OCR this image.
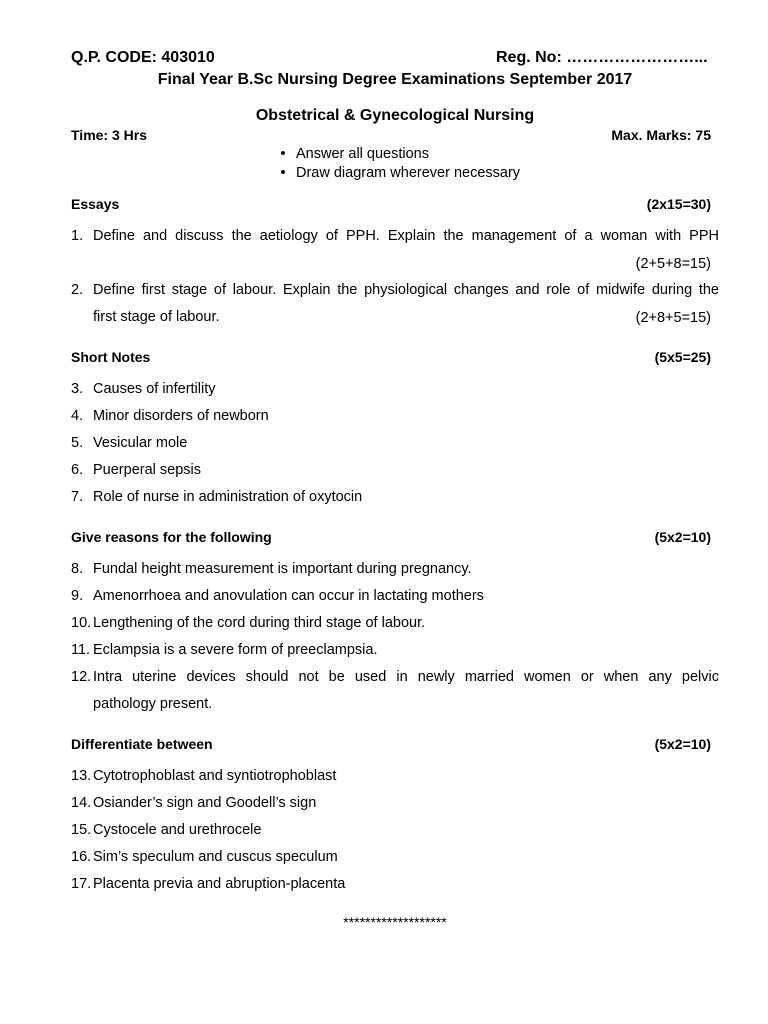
Q.P. CODE: 403010	Reg. No: ……………………...
Final Year B.Sc Nursing Degree Examinations September 2017
Obstetrical & Gynecological Nursing
Time: 3 Hrs	Max. Marks: 75
• Answer all questions
• Draw diagram wherever necessary
Essays	(2x15=30)
1. Define and discuss the aetiology of PPH. Explain the management of a woman with PPH
(2+5+8=15)
2. Define first stage of labour. Explain the physiological changes and role of midwife during the
first stage of labour.	(2+8+5=15)
Short Notes	(5x5=25)
3. Causes of infertility
4. Minor disorders of newborn
5. Vesicular mole
6. Puerperal sepsis
7. Role of nurse in administration of oxytocin
Give reasons for the following	(5x2=10)
8. Fundal height measurement is important during pregnancy.
9. Amenorrhoea and anovulation can occur in lactating mothers
10. Lengthening of the cord during third stage of labour.
11. Eclampsia is a severe form of preeclampsia.
12. Intra uterine devices should not be used in newly married women or when any pelvic
pathology present.
Differentiate between	(5x2=10)
13. Cytotrophoblast and syntiotrophoblast
14. Osiander’s sign and Goodell’s sign
15. Cystocele and urethrocele
16. Sim’s speculum and cuscus speculum
17. Placenta previa and abruption-placenta
*******************
